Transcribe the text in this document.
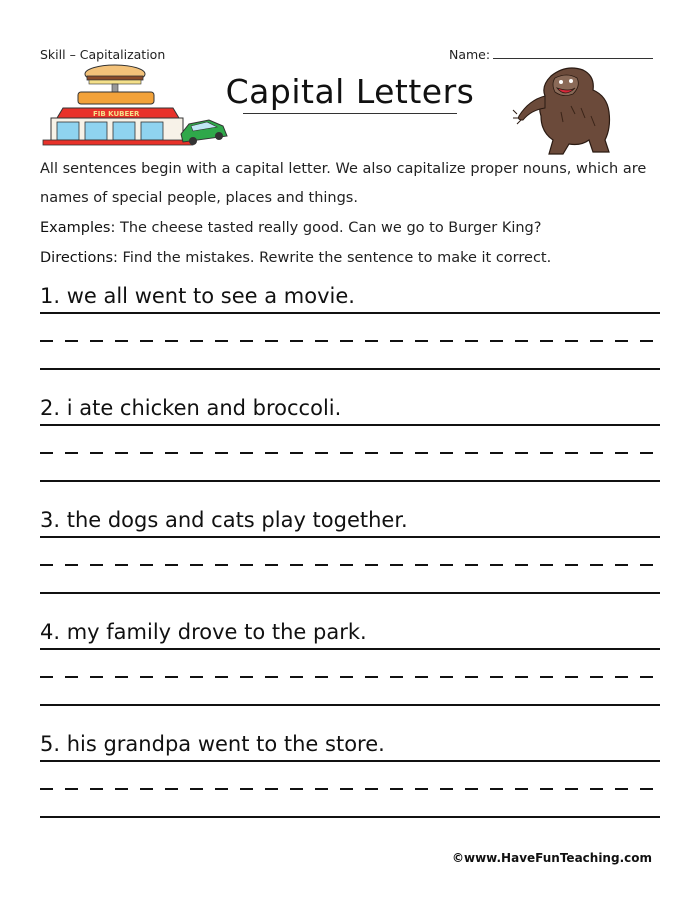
Skill – Capitalization	Name:
FIB KUBEER
Capital Letters
All sentences begin with a capital letter. We also capitalize proper nouns, which are
names of special people, places and things.
Examples: The cheese tasted really good. Can we go to Burger King?
Directions: Find the mistakes. Rewrite the sentence to make it correct.
1. we all went to see a movie.
2. i ate chicken and broccoli.
3. the dogs and cats play together.
4. my family drove to the park.
5. his grandpa went to the store.
©www.HaveFunTeaching.com
